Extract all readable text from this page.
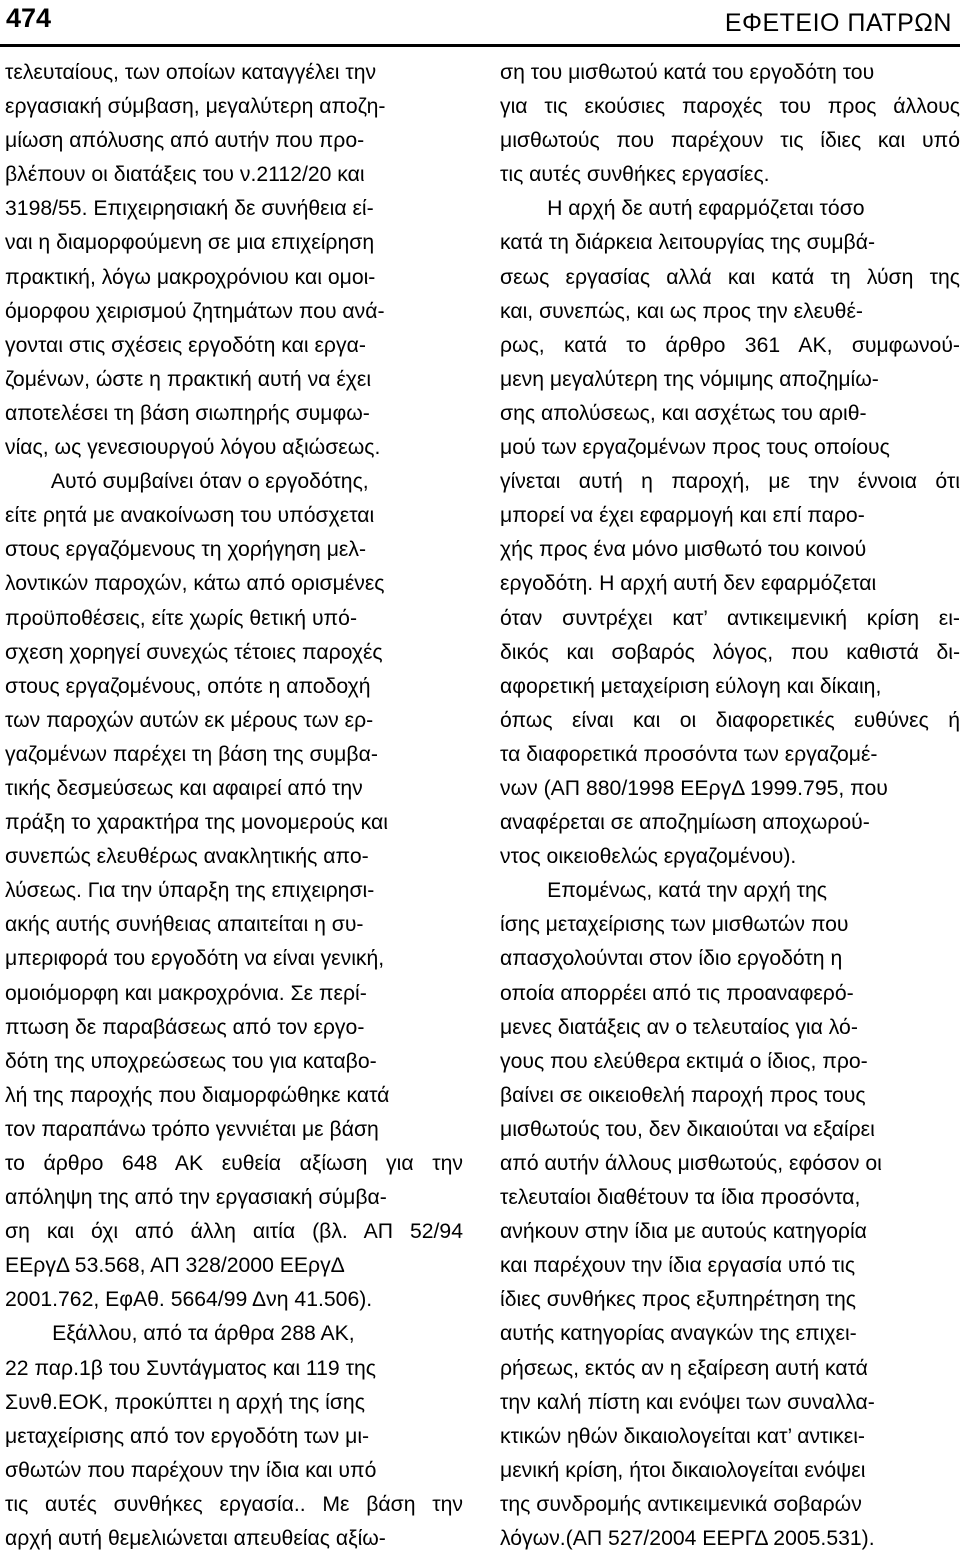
474	ΕΦΕΤΕΙΟ ΠΑΤΡΩΝ
τελευταίους, των οποίων καταγγέλει την
εργασιακή σύμβαση, μεγαλύτερη αποζη-
μίωση απόλυσης από αυτήν που προ-
βλέπουν οι διατάξεις του ν.2112/20 και
3198/55. Επιχειρησιακή δε συνήθεια εί-
ναι η διαμορφούμενη σε μια επιχείρηση
πρακτική, λόγω μακροχρόνιου και ομοι-
όμορφου χειρισμού ζητημάτων που ανά-
γονται στις σχέσεις εργοδότη και εργα-
ζομένων, ώστε η πρακτική αυτή να έχει
αποτελέσει τη βάση σιωπηρής συμφω-
νίας, ως γενεσιουργού λόγου αξιώσεως.
Αυτό συμβαίνει όταν ο εργοδότης,
είτε ρητά με ανακοίνωση του υπόσχεται
στους εργαζόμενους τη χορήγηση μελ-
λοντικών παροχών, κάτω από ορισμένες
προϋποθέσεις, είτε χωρίς θετική υπό-
σχεση χορηγεί συνεχώς τέτοιες παροχές
στους εργαζομένους, οπότε η αποδοχή
των παροχών αυτών εκ μέρους των ερ-
γαζομένων παρέχει τη βάση της συμβα-
τικής δεσμεύσεως και αφαιρεί από την
πράξη το χαρακτήρα της μονομερούς και
συνεπώς ελευθέρως ανακλητικής απο-
λύσεως. Για την ύπαρξη της επιχειρησι-
ακής αυτής συνήθειας απαιτείται η συ-
μπεριφορά του εργοδότη να είναι γενική,
ομοιόμορφη και μακροχρόνια. Σε περί-
πτωση δε παραβάσεως από τον εργο-
δότη της υποχρεώσεως του για καταβο-
λή της παροχής που διαμορφώθηκε κατά
τον παραπάνω τρόπο γεννιέται με βάση
το άρθρο 648 ΑΚ ευθεία αξίωση για την
απόληψη της από την εργασιακή σύμβα-
ση και όχι από άλλη αιτία (βλ. ΑΠ 52/94
ΕΕργΔ 53.568, ΑΠ 328/2000 ΕΕργΔ
2001.762, ΕφΑθ. 5664/99 Δνη 41.506).
Εξάλλου, από τα άρθρα 288 ΑΚ,
22 παρ.1β του Συντάγματος και 119 της
Συνθ.ΕΟΚ, προκύπτει η αρχή της ίσης
μεταχείρισης από τον εργοδότη των μι-
σθωτών που παρέχουν την ίδια και υπό
τις αυτές συνθήκες εργασία.. Με βάση την
αρχή αυτή θεμελιώνεται απευθείας αξίω-
ση του μισθωτού κατά του εργοδότη του
για τις εκούσιες παροχές του προς άλλους
μισθωτούς που παρέχουν τις ίδιες και υπό
τις αυτές συνθήκες εργασίες.
Η αρχή δε αυτή εφαρμόζεται τόσο
κατά τη διάρκεια λειτουργίας της συμβά-
σεως εργασίας αλλά και κατά τη λύση της
και, συνεπώς, και ως προς την ελευθέ-
ρως, κατά το άρθρο 361 ΑΚ, συμφωνού-
μενη μεγαλύτερη της νόμιμης αποζημίω-
σης απολύσεως, και ασχέτως του αριθ-
μού των εργαζομένων προς τους οποίους
γίνεται αυτή η παροχή, με την έννοια ότι
μπορεί να έχει εφαρμογή και επί παρο-
χής προς ένα μόνο μισθωτό του κοινού
εργοδότη. Η αρχή αυτή δεν εφαρμόζεται
όταν συντρέχει κατ’ αντικειμενική κρίση ει-
δικός και σοβαρός λόγος, που καθιστά δι-
αφορετική μεταχείριση εύλογη και δίκαιη,
όπως είναι και οι διαφορετικές ευθύνες ή
τα διαφορετικά προσόντα των εργαζομέ-
νων (ΑΠ 880/1998 ΕΕργΔ 1999.795, που
αναφέρεται σε αποζημίωση αποχωρού-
ντος οικειοθελώς εργαζομένου).
Επομένως, κατά την αρχή της
ίσης μεταχείρισης των μισθωτών που
απασχολούνται στον ίδιο εργοδότη η
οποία απορρέει από τις προαναφερό-
μενες διατάξεις αν ο τελευταίος για λό-
γους που ελεύθερα εκτιμά ο ίδιος, προ-
βαίνει σε οικειοθελή παροχή προς τους
μισθωτούς του, δεν δικαιούται να εξαίρει
από αυτήν άλλους μισθωτούς, εφόσον οι
τελευταίοι διαθέτουν τα ίδια προσόντα,
ανήκουν στην ίδια με αυτούς κατηγορία
και παρέχουν την ίδια εργασία υπό τις
ίδιες συνθήκες προς εξυπηρέτηση της
αυτής κατηγορίας αναγκών της επιχει-
ρήσεως, εκτός αν η εξαίρεση αυτή κατά
την καλή πίστη και ενόψει των συναλλα-
κτικών ηθών δικαιολογείται κατ’ αντικει-
μενική κρίση, ήτοι δικαιολογείται ενόψει
της συνδρομής αντικειμενικά σοβαρών
λόγων.(ΑΠ 527/2004 ΕΕΡΓΔ 2005.531).
